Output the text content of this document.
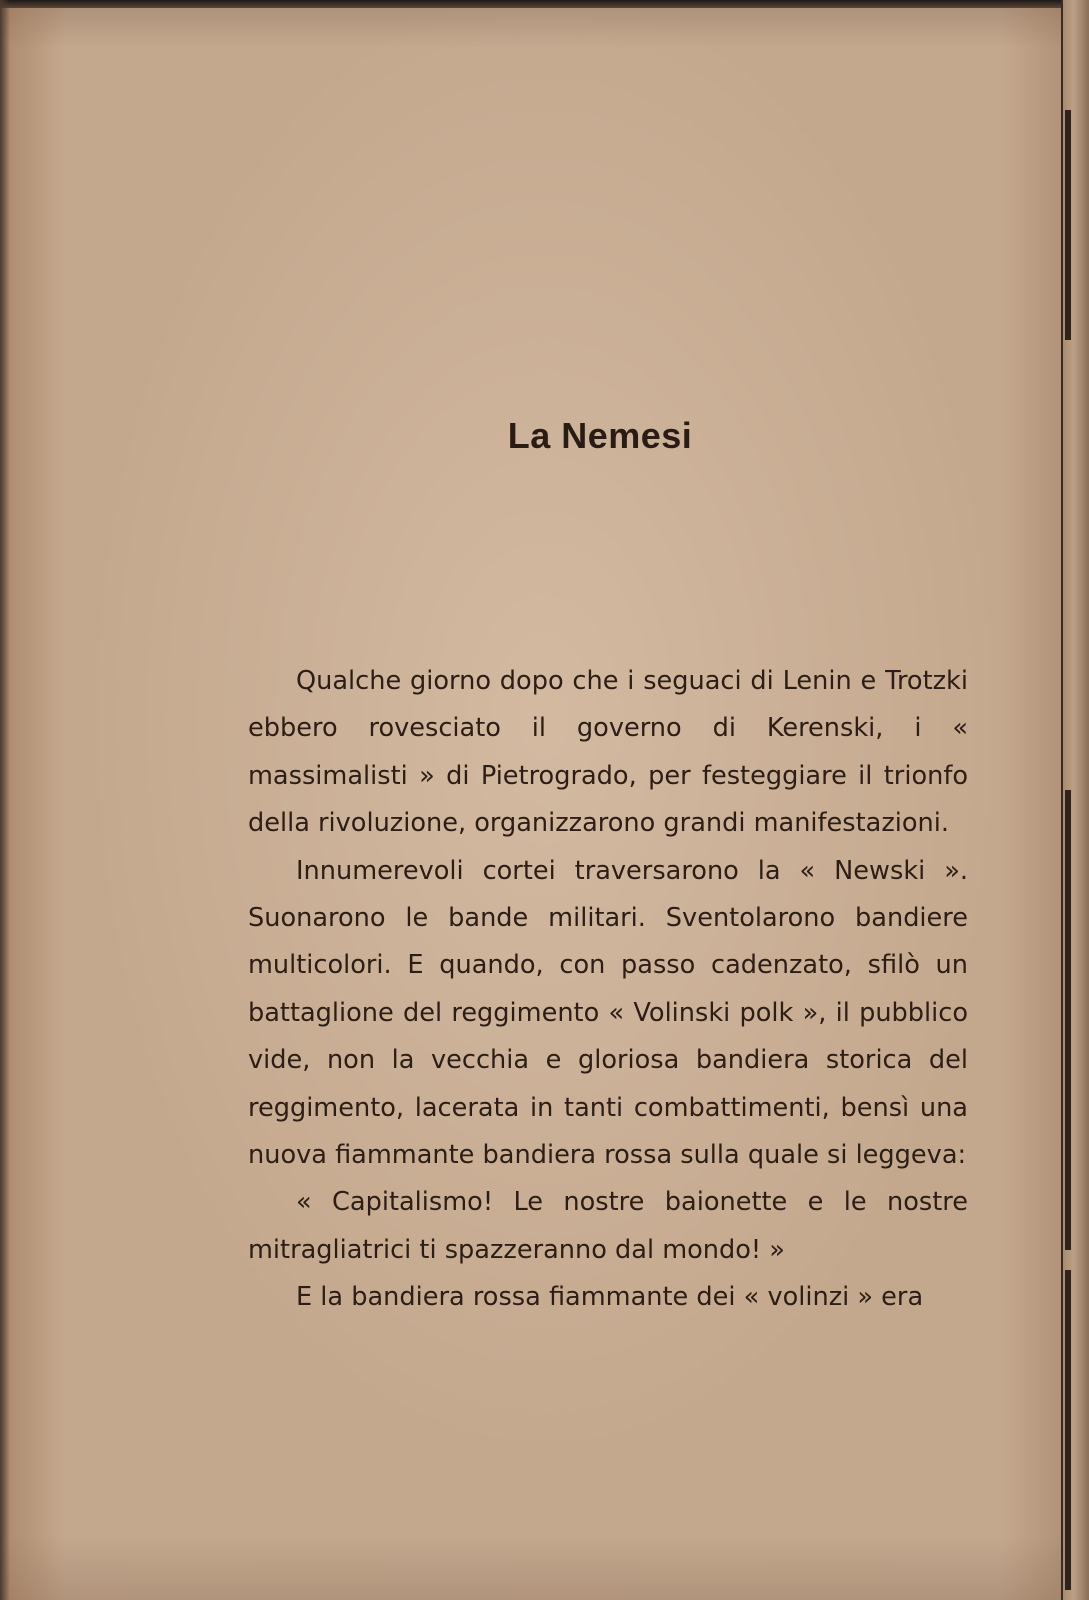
La Nemesi

Qualche giorno dopo che i seguaci di Lenin e Trotzki ebbero rovesciato il governo di Kerenski, i « massimalisti » di Pietrogrado, per festeggiare il trionfo della rivoluzione, organizzarono grandi manifestazioni.

Innumerevoli cortei traversarono la « Newski ». Suonarono le bande militari. Sventolarono bandiere multicolori. E quando, con passo cadenzato, sfilò un battaglione del reggimento « Volinski polk », il pubblico vide, non la vecchia e gloriosa bandiera storica del reggimento, lacerata in tanti combattimenti, bensì una nuova fiammante bandiera rossa sulla quale si leggeva:

« Capitalismo! Le nostre baionette e le nostre mitragliatrici ti spazzeranno dal mondo! »

E la bandiera rossa fiammante dei « volinzi » era
